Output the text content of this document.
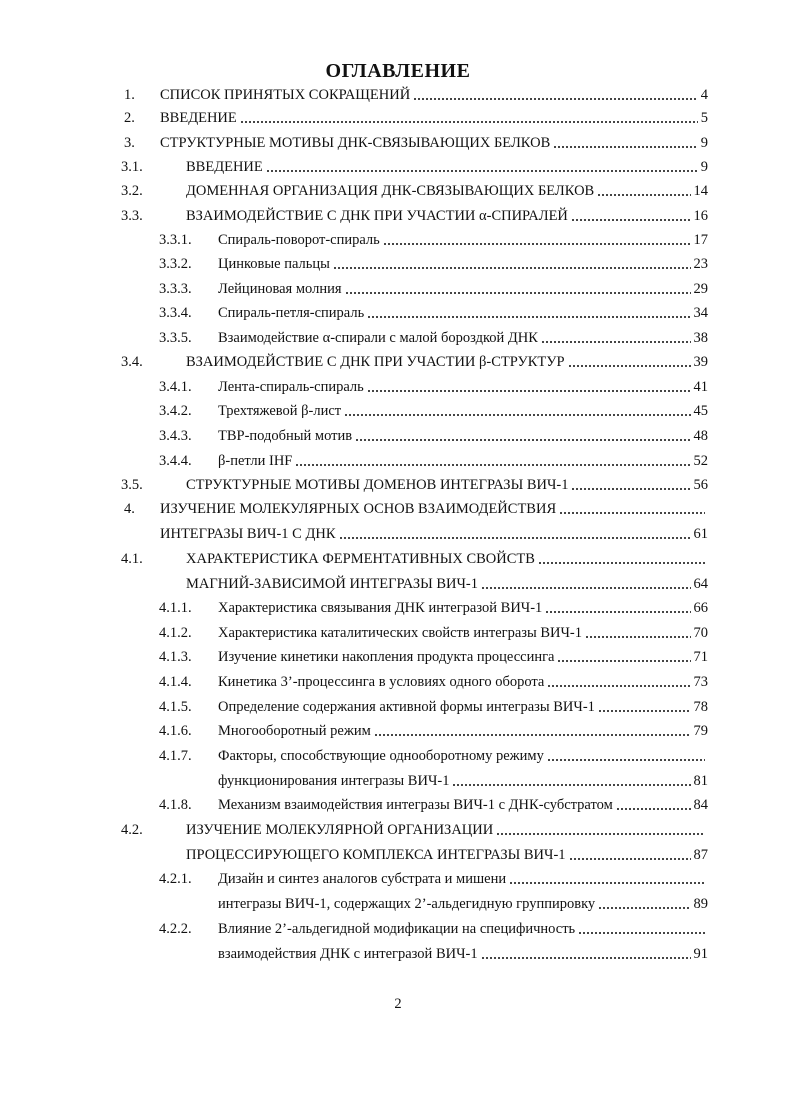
ОГЛАВЛЕНИЕ
1. СПИСОК ПРИНЯТЫХ СОКРАЩЕНИЙ	4
2. ВВЕДЕНИЕ	5
3. СТРУКТУРНЫЕ МОТИВЫ ДНК-СВЯЗЫВАЮЩИХ БЕЛКОВ	9
3.1.	ВВЕДЕНИЕ	9
3.2.	ДОМЕННАЯ ОРГАНИЗАЦИЯ ДНК-СВЯЗЫВАЮЩИХ БЕЛКОВ	14
3.3.	ВЗАИМОДЕЙСТВИЕ С ДНК ПРИ УЧАСТИИ α-СПИРАЛЕЙ	16
3.3.1. Спираль-поворот-спираль	17
3.3.2. Цинковые пальцы	23
3.3.3. Лейциновая молния	29
3.3.4. Спираль-петля-спираль	34
3.3.5. Взаимодействие α-спирали с малой бороздкой ДНК	38
3.4.	ВЗАИМОДЕЙСТВИЕ С ДНК ПРИ УЧАСТИИ β-СТРУКТУР	39
3.4.1. Лента-спираль-спираль	41
3.4.2. Трехтяжевой β-лист	45
3.4.3. TBP-подобный мотив	48
3.4.4. β-петли IHF	52
3.5.	СТРУКТУРНЫЕ МОТИВЫ ДОМЕНОВ ИНТЕГРАЗЫ ВИЧ-1	56
4. ИЗУЧЕНИЕ МОЛЕКУЛЯРНЫХ ОСНОВ ВЗАИМОДЕЙСТВИЯ
ИНТЕГРАЗЫ ВИЧ-1 С ДНК	61
4.1.	ХАРАКТЕРИСТИКА ФЕРМЕНТАТИВНЫХ СВОЙСТВ
МАГНИЙ-ЗАВИСИМОЙ ИНТЕГРАЗЫ ВИЧ-1	64
4.1.1. Характеристика связывания ДНК интегразой ВИЧ-1	66
4.1.2. Характеристика каталитических свойств интегразы ВИЧ-1	70
4.1.3. Изучение кинетики накопления продукта процессинга	71
4.1.4. Кинетика 3’-процессинга в условиях одного оборота	73
4.1.5. Определение содержания активной формы интегразы ВИЧ-1	78
4.1.6. Многооборотный режим	79
4.1.7. Факторы, способствующие однооборотному режиму
функционирования интегразы ВИЧ-1	81
4.1.8. Механизм взаимодействия интегразы ВИЧ-1 с ДНК-субстратом	84
4.2.	ИЗУЧЕНИЕ МОЛЕКУЛЯРНОЙ ОРГАНИЗАЦИИ
ПРОЦЕССИРУЮЩЕГО КОМПЛЕКСА ИНТЕГРАЗЫ ВИЧ-1	87
4.2.1. Дизайн и синтез аналогов субстрата и мишени
интегразы ВИЧ-1, содержащих 2’-альдегидную группировку	89
4.2.2. Влияние 2’-альдегидной модификации на специфичность
взаимодействия ДНК с интегразой ВИЧ-1	91
2
